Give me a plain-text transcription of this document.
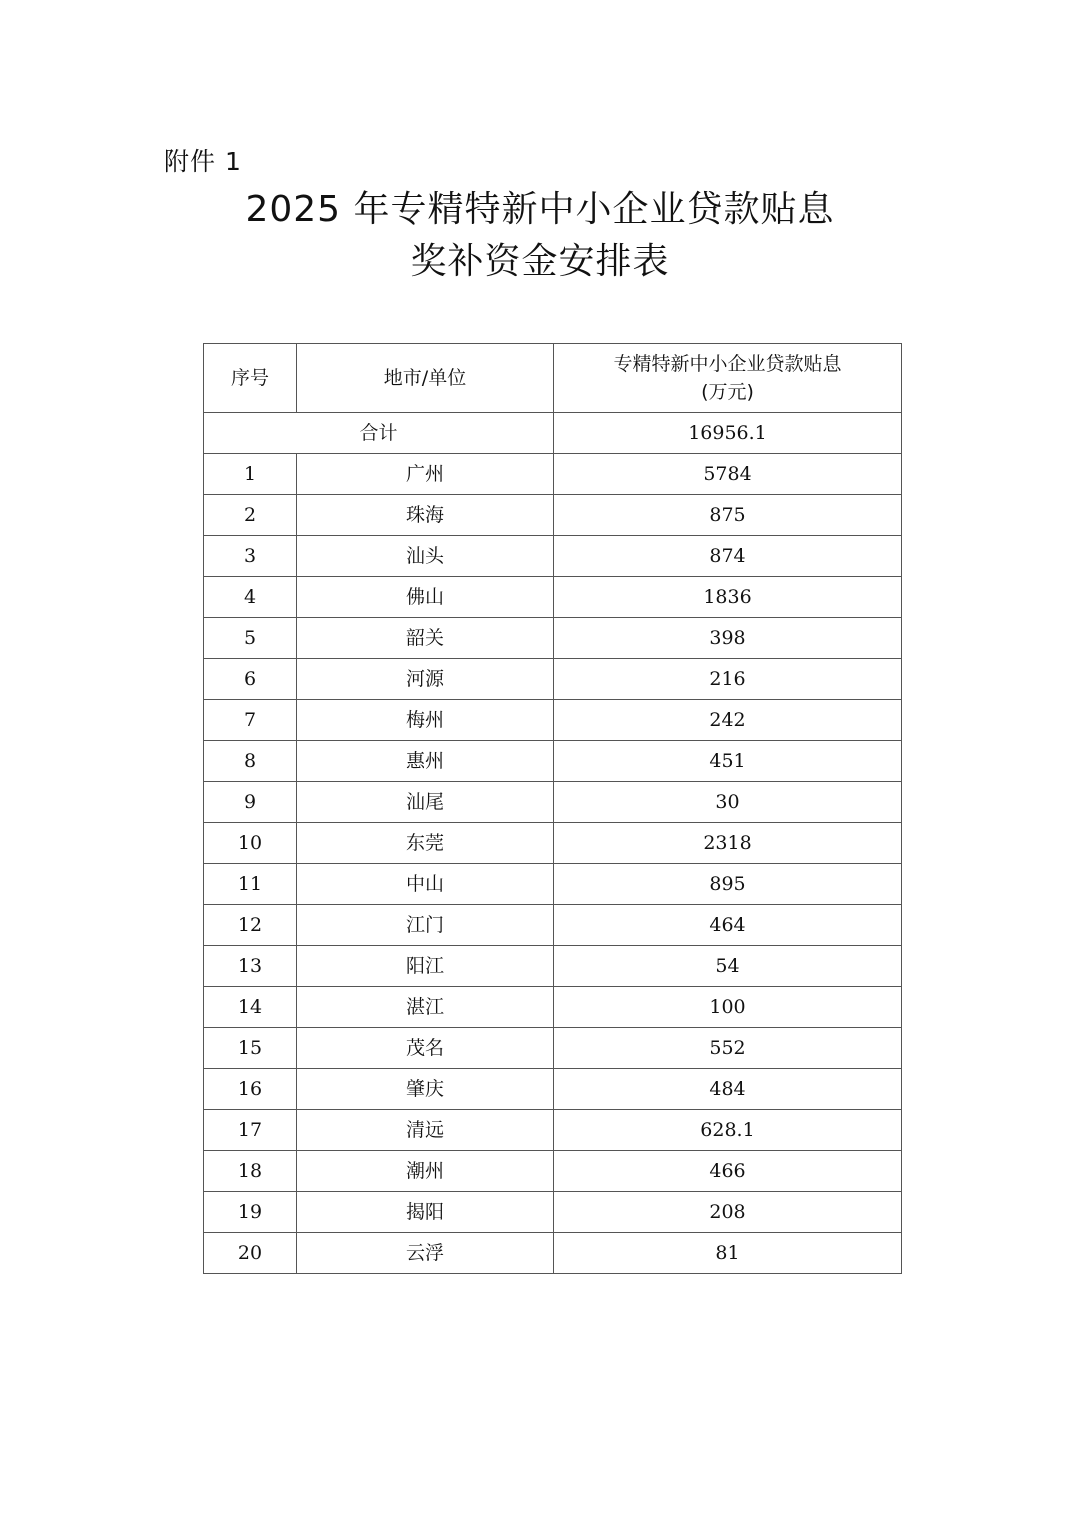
附件 1
2025 年专精特新中小企业贷款贴息
奖补资金安排表
序号	地市/单位	专精特新中小企业贷款贴息
(万元)

合计		16956.1
1	广州	5784
2	珠海	875
3	汕头	874
4	佛山	1836
5	韶关	398
6	河源	216
7	梅州	242
8	惠州	451
9	汕尾	30
10	东莞	2318
11	中山	895
12	江门	464
13	阳江	54
14	湛江	100
15	茂名	552
16	肇庆	484
17	清远	628.1
18	潮州	466
19	揭阳	208
20	云浮	81
